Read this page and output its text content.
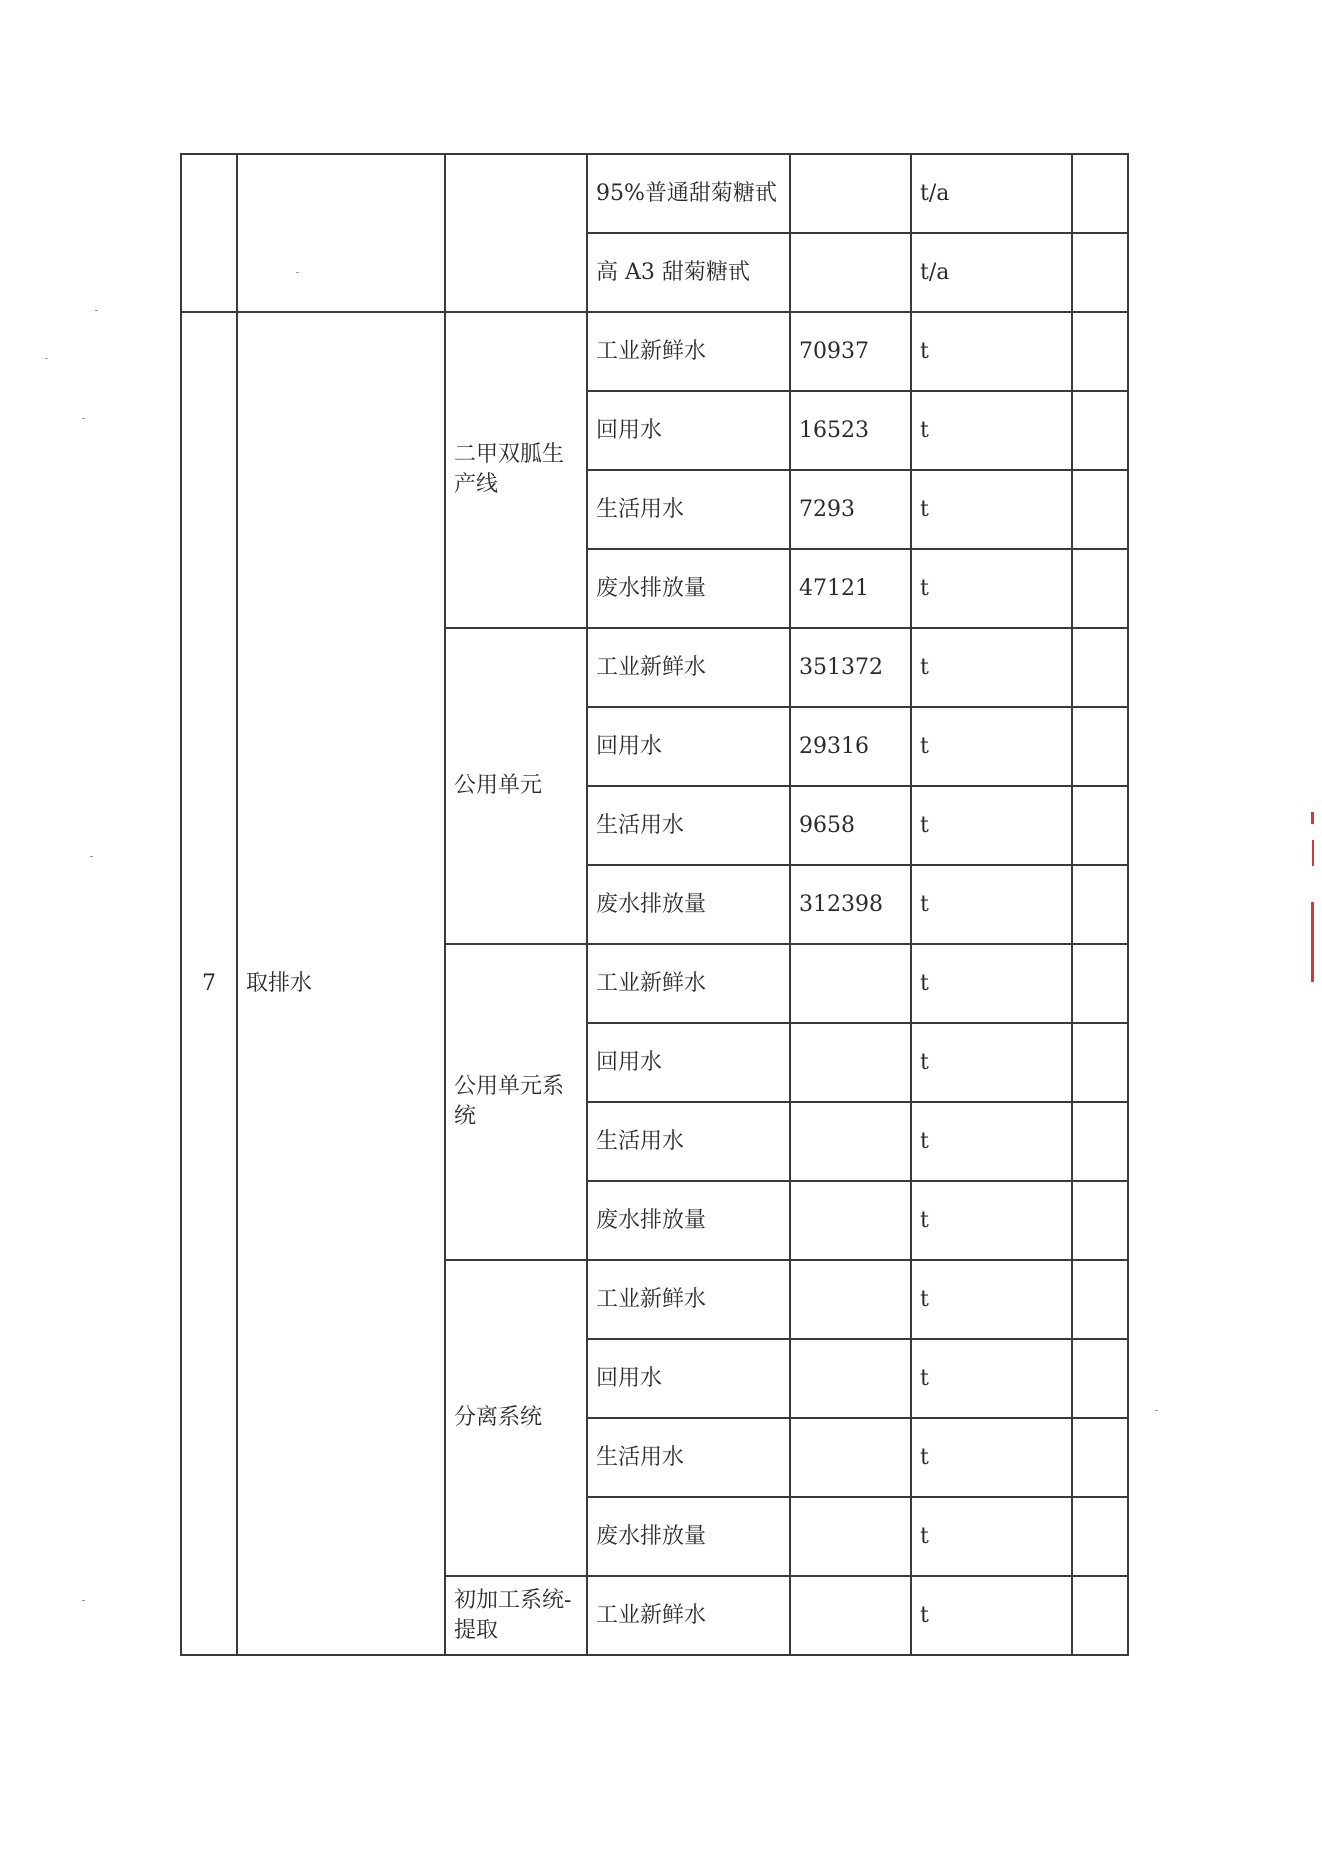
			95%普通甜菊糖甙		t/a	
			高 A3 甜菊糖甙		t/a	
7	取排水	二甲双胍生产线	工业新鲜水	70937	t	
			回用水	16523	t	
			生活用水	7293	t	
			废水排放量	47121	t	
		公用单元	工业新鲜水	351372	t	
			回用水	29316	t	
			生活用水	9658	t	
			废水排放量	312398	t	
		公用单元系统	工业新鲜水		t	
			回用水		t	
			生活用水		t	
			废水排放量		t	
		分离系统	工业新鲜水		t	
			回用水		t	
			生活用水		t	
			废水排放量		t	
		初加工系统-提取	工业新鲜水		t	
